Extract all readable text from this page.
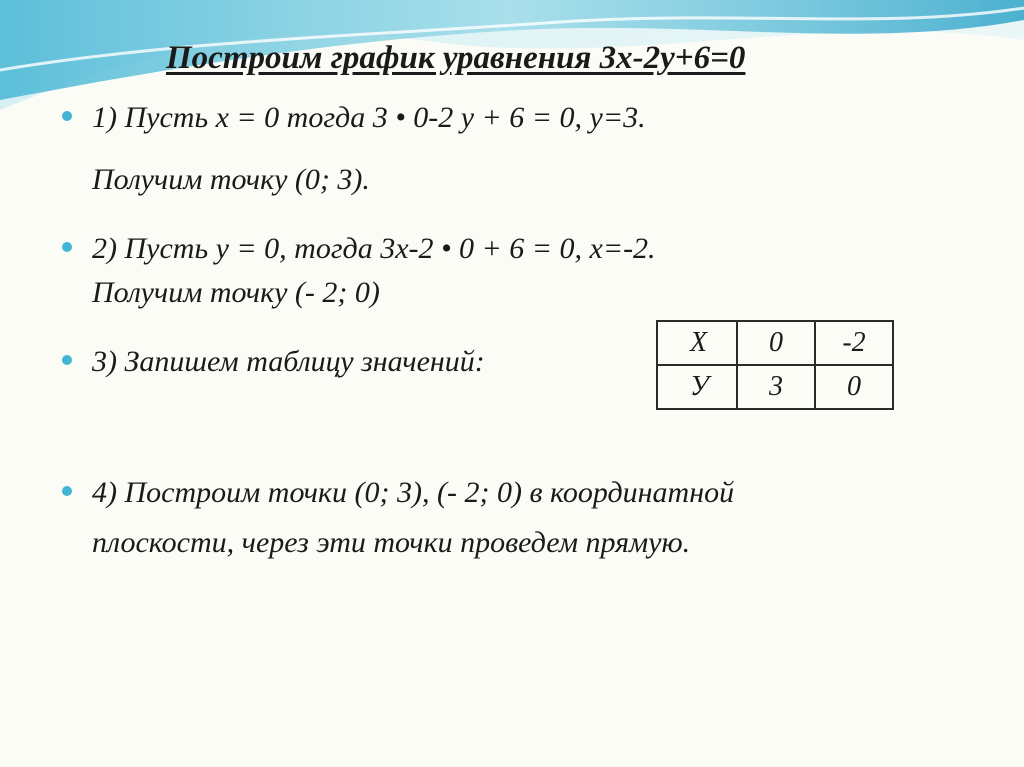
Построим график уравнения 3х-2у+6=0
1) Пусть х = 0 тогда 3 • 0-2 у + 6 = 0, у=3.
Получим точку (0; 3).
2) Пусть у = 0, тогда 3х-2 • 0 + 6 = 0, х=-2.
Получим точку (- 2; 0)
3) Запишем таблицу значений:
4) Построим точки (0; 3), (- 2; 0) в координатной
плоскости, через эти точки проведем прямую.
Х	0	-2
У	3	0
